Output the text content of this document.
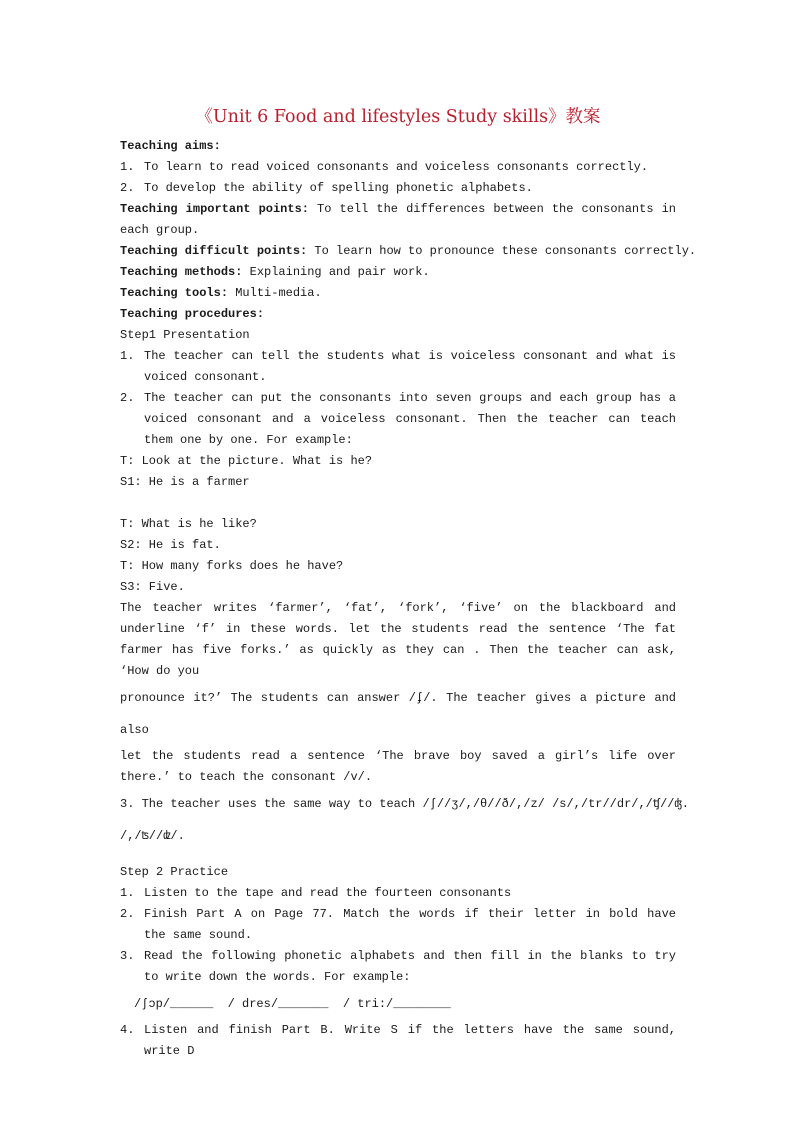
《Unit 6 Food and lifestyles Study skills》教案

Teaching aims:

1. To learn to read voiced consonants and voiceless consonants correctly.
2. To develop the ability of spelling phonetic alphabets.

Teaching important points: To tell the differences between the consonants in each group.

Teaching difficult points: To learn how to pronounce these consonants correctly.

Teaching methods: Explaining and pair work.

Teaching tools: Multi-media.

Teaching procedures:

Step1 Presentation

1. The teacher can tell the students what is voiceless consonant and what is voiced consonant.
2. The teacher can put the consonants into seven groups and each group has a voiced consonant and a voiceless consonant. Then the teacher can teach them one by one. For example:

T: Look at the picture. What is he?

S1: He is a farmer

T: What is he like?

S2: He is fat.

T: How many forks does he have?

S3: Five.

The teacher writes ‘farmer’, ‘fat’, ‘fork’, ‘five’ on the blackboard and underline ‘f’ in these words. let the students read the sentence ‘The fat farmer has five forks.’ as quickly as they can . Then the teacher can ask, ‘How do you

pronounce it?’ The students can answer /ʄ/. The teacher gives a picture and also

let the students read a sentence ‘The brave boy saved a girl’s life over there.’ to teach the consonant /v/.

3. The teacher uses the same way to teach /ʃ//ʒ/,/θ//ð/,/z/ /s/,/tr//dr/,/ʧ//ʤ.

/,/ʦ//ʣ/.

Step 2 Practice

1. Listen to the tape and read the fourteen consonants
2. Finish Part A on Page 77. Match the words if their letter in bold have the same sound.
3. Read the following phonetic alphabets and then fill in the blanks to try to write down the words. For example:

/ʃɔp/______  / dres/_______  / tri:/________

4. Listen and finish Part B. Write S if the letters have the same sound, write D
